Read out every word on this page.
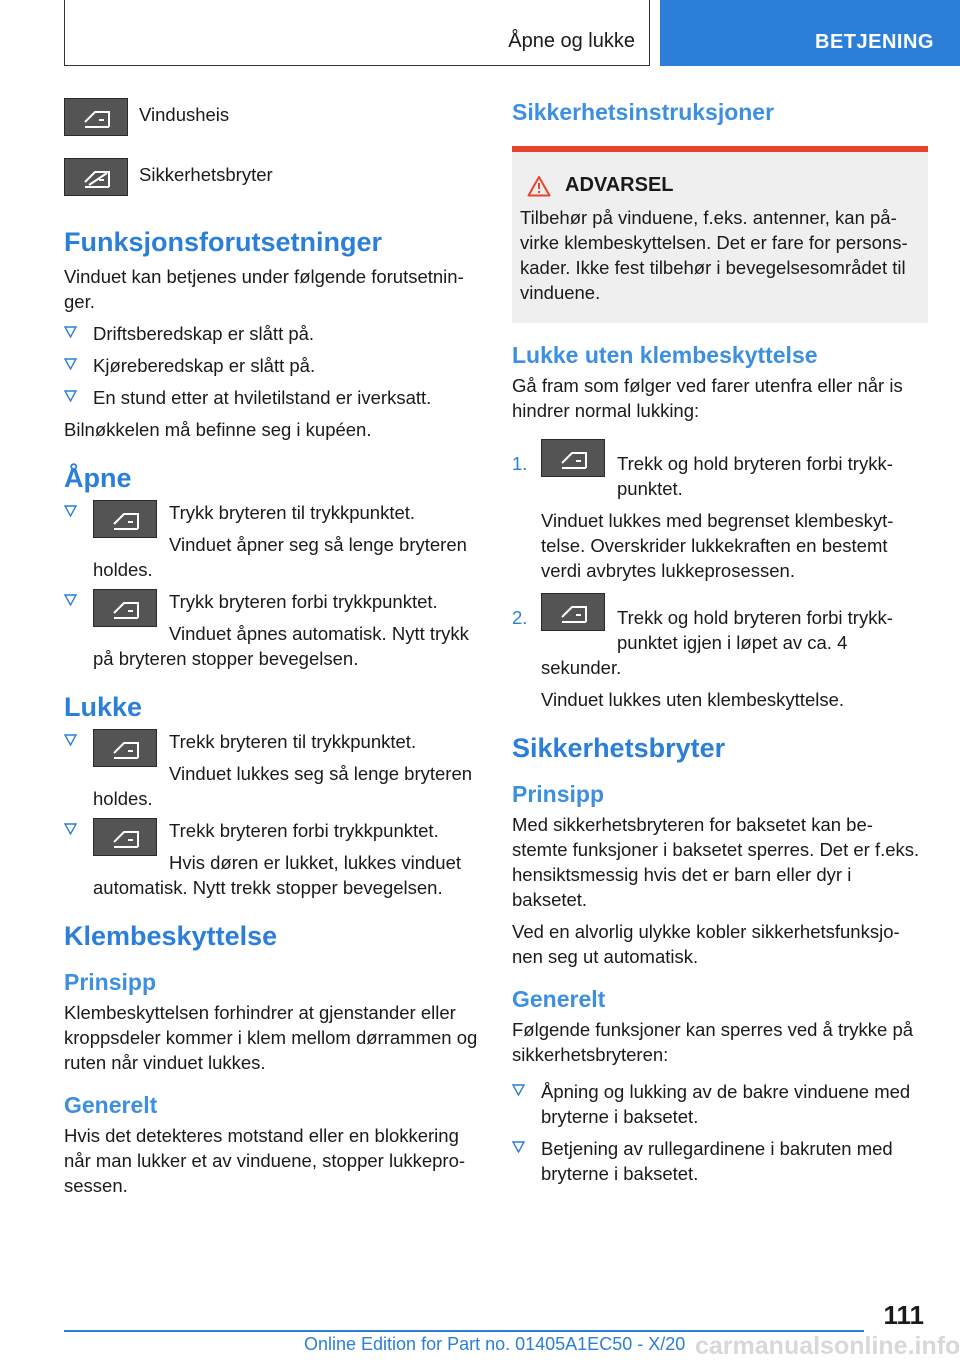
Åpne og lukke	BETJENING
Vindusheis
Sikkerhetsbryter
Funksjonsforutsetninger
Vinduet kan betjenes under følgende forutsetnin-ger.
Driftsberedskap er slått på.
Kjøreberedskap er slått på.
En stund etter at hviletilstand er iverksatt.
Bilnøkkelen må befinne seg i kupéen.
Åpne
Trykk bryteren til trykkpunktet.
Vinduet åpner seg så lenge bryteren holdes.
Trykk bryteren forbi trykkpunktet.
Vinduet åpnes automatisk. Nytt trykk på bryteren stopper bevegelsen.
Lukke
Trekk bryteren til trykkpunktet.
Vinduet lukkes seg så lenge bryteren holdes.
Trekk bryteren forbi trykkpunktet.
Hvis døren er lukket, lukkes vinduet automatisk. Nytt trekk stopper bevegelsen.
Klembeskyttelse
Prinsipp
Klembeskyttelsen forhindrer at gjenstander eller kroppsdeler kommer i klem mellom dørrammen og ruten når vinduet lukkes.
Generelt
Hvis det detekteres motstand eller en blokkering når man lukker et av vinduene, stopper lukkepro-sessen.
Sikkerhetsinstruksjoner
ADVARSEL
Tilbehør på vinduene, f.eks. antenner, kan på-virke klembeskyttelsen. Det er fare for persons-kader. Ikke fest tilbehør i bevegelsesområdet til vinduene.
Lukke uten klembeskyttelse
Gå fram som følger ved farer utenfra eller når is hindrer normal lukking:
1.	Trekk og hold bryteren forbi trykk-punktet.
Vinduet lukkes med begrenset klembeskyt-telse. Overskrider lukkekraften en bestemt verdi avbrytes lukkeprosessen.
2.	Trekk og hold bryteren forbi trykk-punktet igjen i løpet av ca. 4 sekunder.
Vinduet lukkes uten klembeskyttelse.
Sikkerhetsbryter
Prinsipp
Med sikkerhetsbryteren for baksetet kan be-stemte funksjoner i baksetet sperres. Det er f.eks. hensiktsmessig hvis det er barn eller dyr i baksetet.
Ved en alvorlig ulykke kobler sikkerhetsfunksjo-nen seg ut automatisk.
Generelt
Følgende funksjoner kan sperres ved å trykke på sikkerhetsbryteren:
Åpning og lukking av de bakre vinduene med bryterne i baksetet.
Betjening av rullegardinene i bakruten med bryterne i baksetet.
111
Online Edition for Part no. 01405A1EC50 - X/20 carmanualsonline.info
